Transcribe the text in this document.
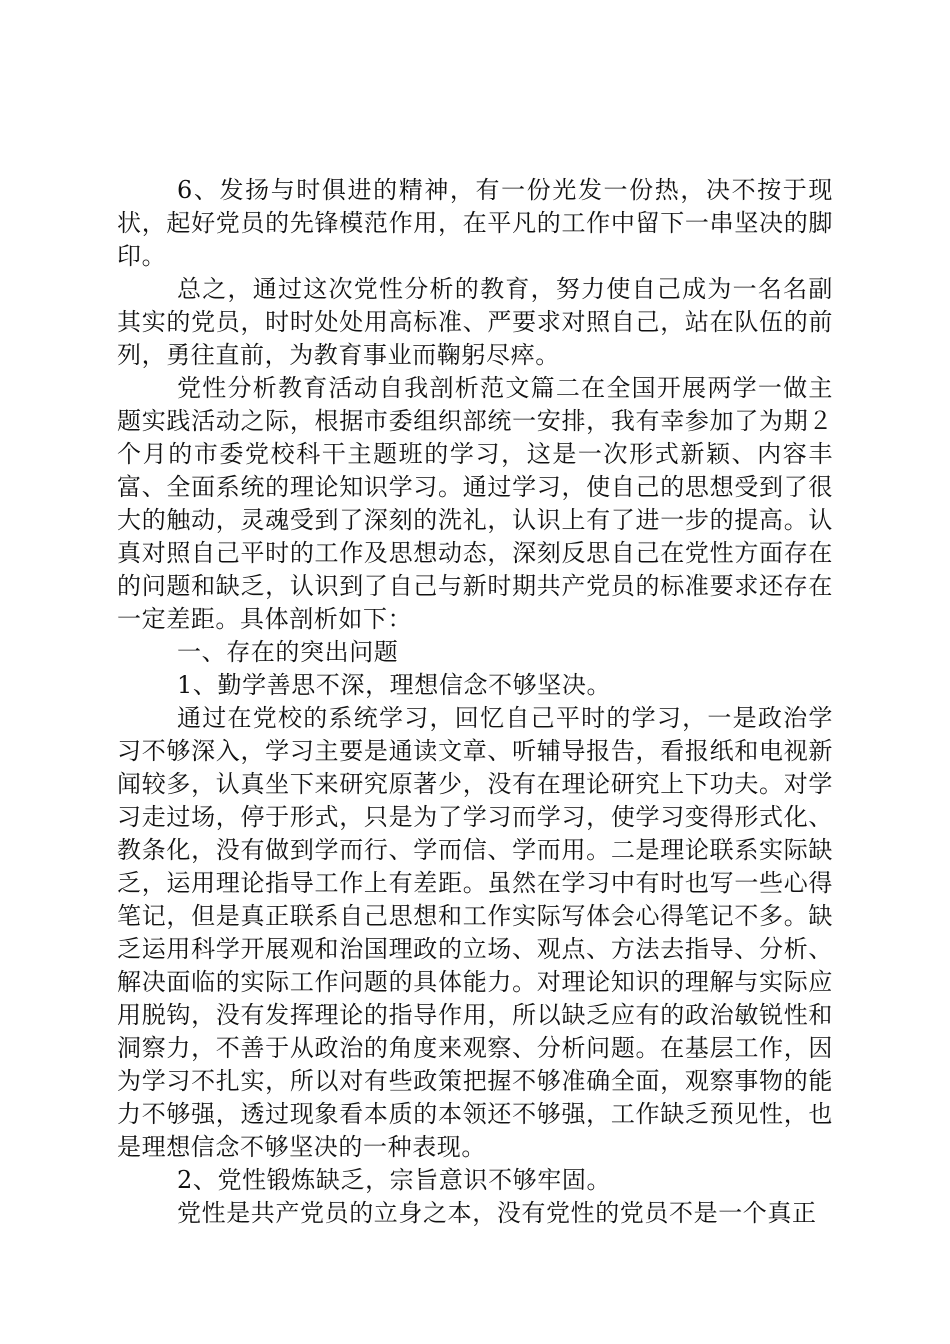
6、发扬与时俱进的精神，有一份光发一份热，决不按于现状，起好党员的先锋模范作用，在平凡的工作中留下一串坚决的脚印。

总之，通过这次党性分析的教育，努力使自己成为一名名副其实的党员，时时处处用高标准、严要求对照自己，站在队伍的前列，勇往直前，为教育事业而鞠躬尽瘁。

党性分析教育活动自我剖析范文篇二在全国开展两学一做主题实践活动之际，根据市委组织部统一安排，我有幸参加了为期２个月的市委党校科干主题班的学习，这是一次形式新颖、内容丰富、全面系统的理论知识学习。通过学习，使自己的思想受到了很大的触动，灵魂受到了深刻的洗礼，认识上有了进一步的提高。认真对照自己平时的工作及思想动态，深刻反思自己在党性方面存在的问题和缺乏，认识到了自己与新时期共产党员的标准要求还存在一定差距。具体剖析如下：

一、存在的突出问题

1、勤学善思不深，理想信念不够坚决。

通过在党校的系统学习，回忆自己平时的学习，一是政治学习不够深入，学习主要是通读文章、听辅导报告，看报纸和电视新闻较多，认真坐下来研究原著少，没有在理论研究上下功夫。对学习走过场，停于形式，只是为了学习而学习，使学习变得形式化、教条化，没有做到学而行、学而信、学而用。二是理论联系实际缺乏，运用理论指导工作上有差距。虽然在学习中有时也写一些心得笔记，但是真正联系自己思想和工作实际写体会心得笔记不多。缺乏运用科学开展观和治国理政的立场、观点、方法去指导、分析、解决面临的实际工作问题的具体能力。对理论知识的理解与实际应用脱钩，没有发挥理论的指导作用，所以缺乏应有的政治敏锐性和洞察力，不善于从政治的角度来观察、分析问题。在基层工作，因为学习不扎实，所以对有些政策把握不够准确全面，观察事物的能力不够强，透过现象看本质的本领还不够强，工作缺乏预见性，也是理想信念不够坚决的一种表现。

2、党性锻炼缺乏，宗旨意识不够牢固。

党性是共产党员的立身之本，没有党性的党员不是一个真正
